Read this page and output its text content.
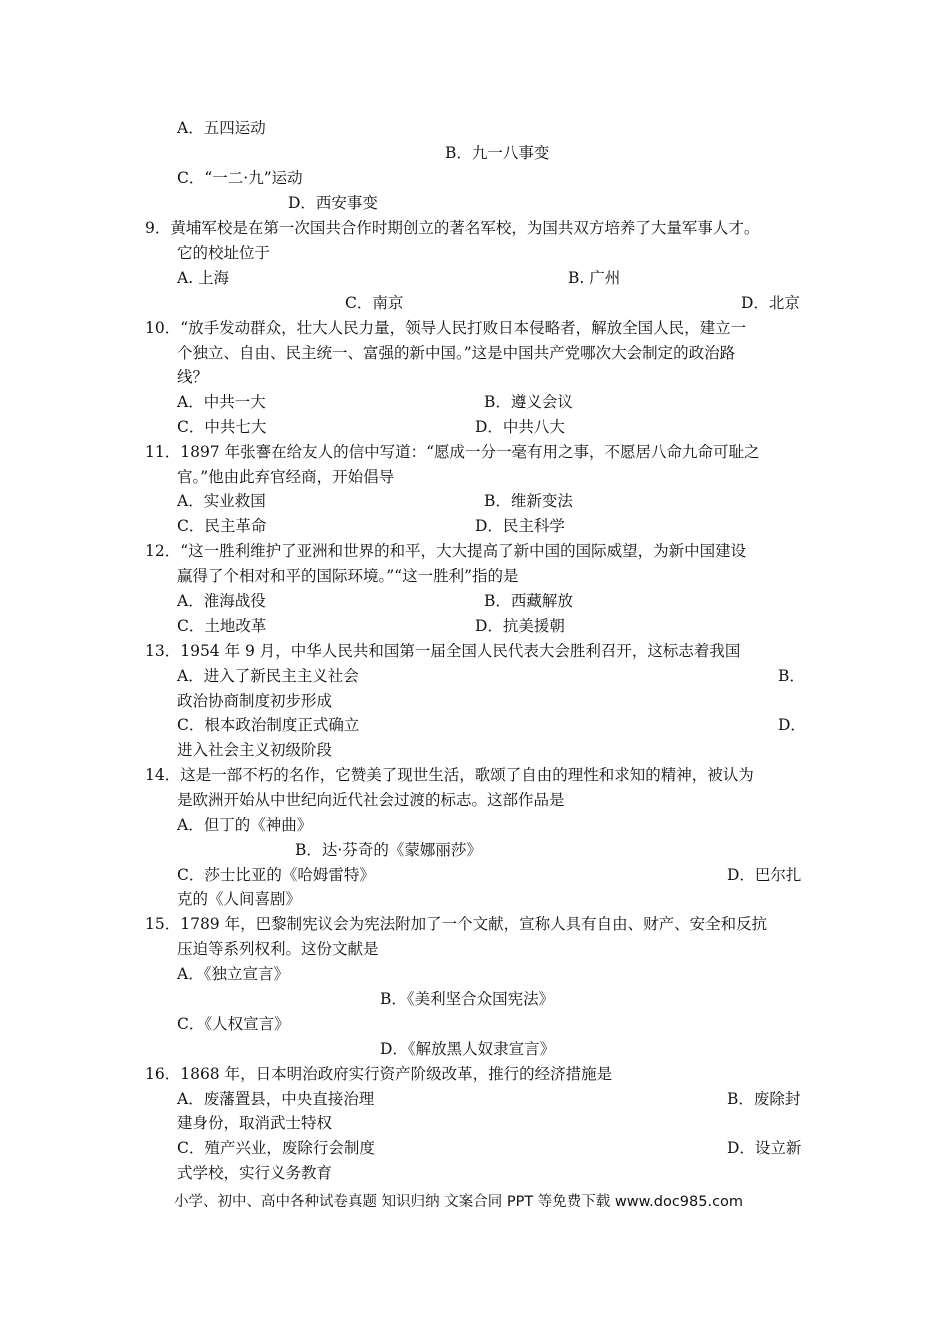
A．五四运动
B．九一八事变
C．“一二·九”运动
D．西安事变
9．黄埔军校是在第一次国共合作时期创立的著名军校，为国共双方培养了大量军事人才。
它的校址位于
A. 上海	B. 广州
C．南京	D．北京
10．“放手发动群众，壮大人民力量，领导人民打败日本侵略者，解放全国人民，建立一
个独立、自由、民主统一、富强的新中国。”这是中国共产党哪次大会制定的政治路
线？
A．中共一大	B．遵义会议
C．中共七大	D．中共八大
11．1897 年张謇在给友人的信中写道：“愿成一分一毫有用之事，不愿居八命九命可耻之
官。”他由此弃官经商，开始倡导
A．实业救国	B．维新变法
C．民主革命	D．民主科学
12．“这一胜利维护了亚洲和世界的和平，大大提高了新中国的国际威望，为新中国建设
赢得了个相对和平的国际环境。”“这一胜利”指的是
A．淮海战役	B．西藏解放
C．土地改革	D．抗美援朝
13．1954 年 9 月，中华人民共和国第一届全国人民代表大会胜利召开，这标志着我国
A．进入了新民主主义社会	B．
政治协商制度初步形成
C．根本政治制度正式确立	D．
进入社会主义初级阶段
14．这是一部不朽的名作，它赞美了现世生活，歌颂了自由的理性和求知的精神，被认为
是欧洲开始从中世纪向近代社会过渡的标志。这部作品是
A．但丁的《神曲》
B．达·芬奇的《蒙娜丽莎》
C．莎士比亚的《哈姆雷特》	D．巴尔扎
克的《人间喜剧》
15．1789 年，巴黎制宪议会为宪法附加了一个文献，宣称人具有自由、财产、安全和反抗
压迫等系列权利。这份文献是
A．《独立宣言》
B．《美利坚合众国宪法》
C．《人权宣言》
D．《解放黑人奴隶宣言》
16．1868 年，日本明治政府实行资产阶级改革，推行的经济措施是
A．废藩置县，中央直接治理	B．废除封
建身份，取消武士特权
C．殖产兴业，废除行会制度	D．设立新
式学校，实行义务教育
小学、初中、高中各种试卷真题 知识归纳 文案合同 PPT 等免费下载 www.doc985.com
